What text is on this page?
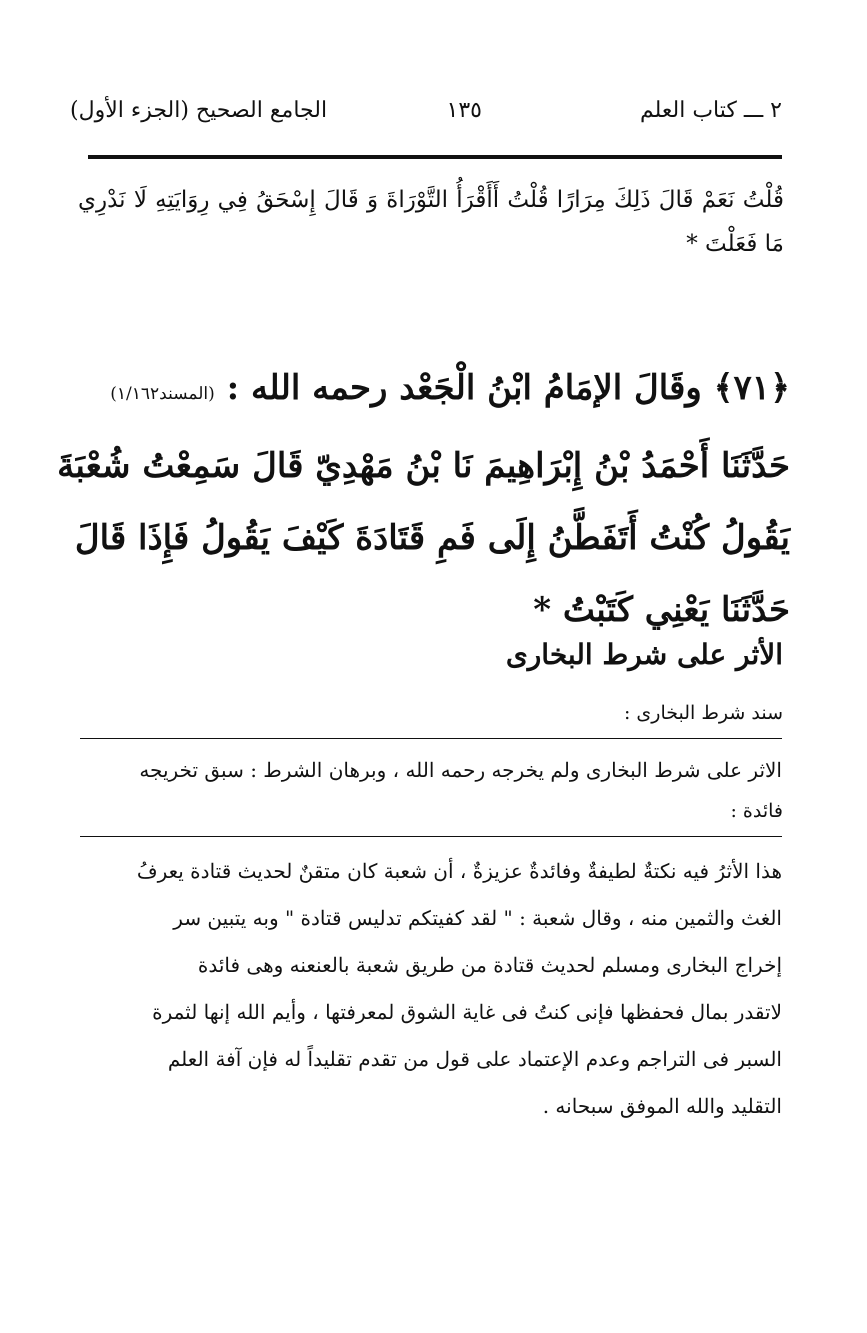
٢ ـــ كتاب العلم
١٣٥
الجامع الصحيح (الجزء الأول)
قُلْتُ نَعَمْ قَالَ ذَلِكَ مِرَارًا قُلْتُ أَأَقْرَأُ التَّوْرَاةَ وَ قَالَ إِسْحَقُ فِي رِوَايَتِهِ لَا نَدْرِي مَا فَعَلْتَ *
﴿٧١﴾ وقَالَ الإمَامُ ابْنُ الْجَعْد رحمه الله : (المسند١/١٦٢)
حَدَّثَنَا أَحْمَدُ بْنُ إِبْرَاهِيمَ نَا بْنُ مَهْدِيّ قَالَ سَمِعْتُ شُعْبَةَ
يَقُولُ كُنْتُ أَتَفَطَّنُ إِلَى فَمِ قَتَادَةَ كَيْفَ يَقُولُ فَإِذَا قَالَ
حَدَّثَنَا يَعْنِي كَتَبْتُ *
الأثر على شرط البخارى
سند شرط البخارى :
الاثر على شرط البخارى ولم يخرجه رحمه الله ، وبرهان الشرط : سبق تخريجه
فائدة :
هذا الأثرُ فيه نكتةٌ لطيفةٌ وفائدةٌ عزيزةٌ ، أن شعبة كان متقنٌ لحديث قتادة يعرفُ
الغث والثمين منه ، وقال شعبة : " لقد كفيتكم تدليس قتادة " وبه يتبين سر
إخراج البخارى ومسلم لحديث قتادة من طريق شعبة بالعنعنه وهى فائدة
لاتقدر بمال فحفظها فإنى كنتُ فى غاية الشوق لمعرفتها ، وأيم الله إنها لثمرة
السبر فى التراجم وعدم الإعتماد على قول من تقدم تقليداً له فإن آفة العلم
التقليد والله الموفق سبحانه .
